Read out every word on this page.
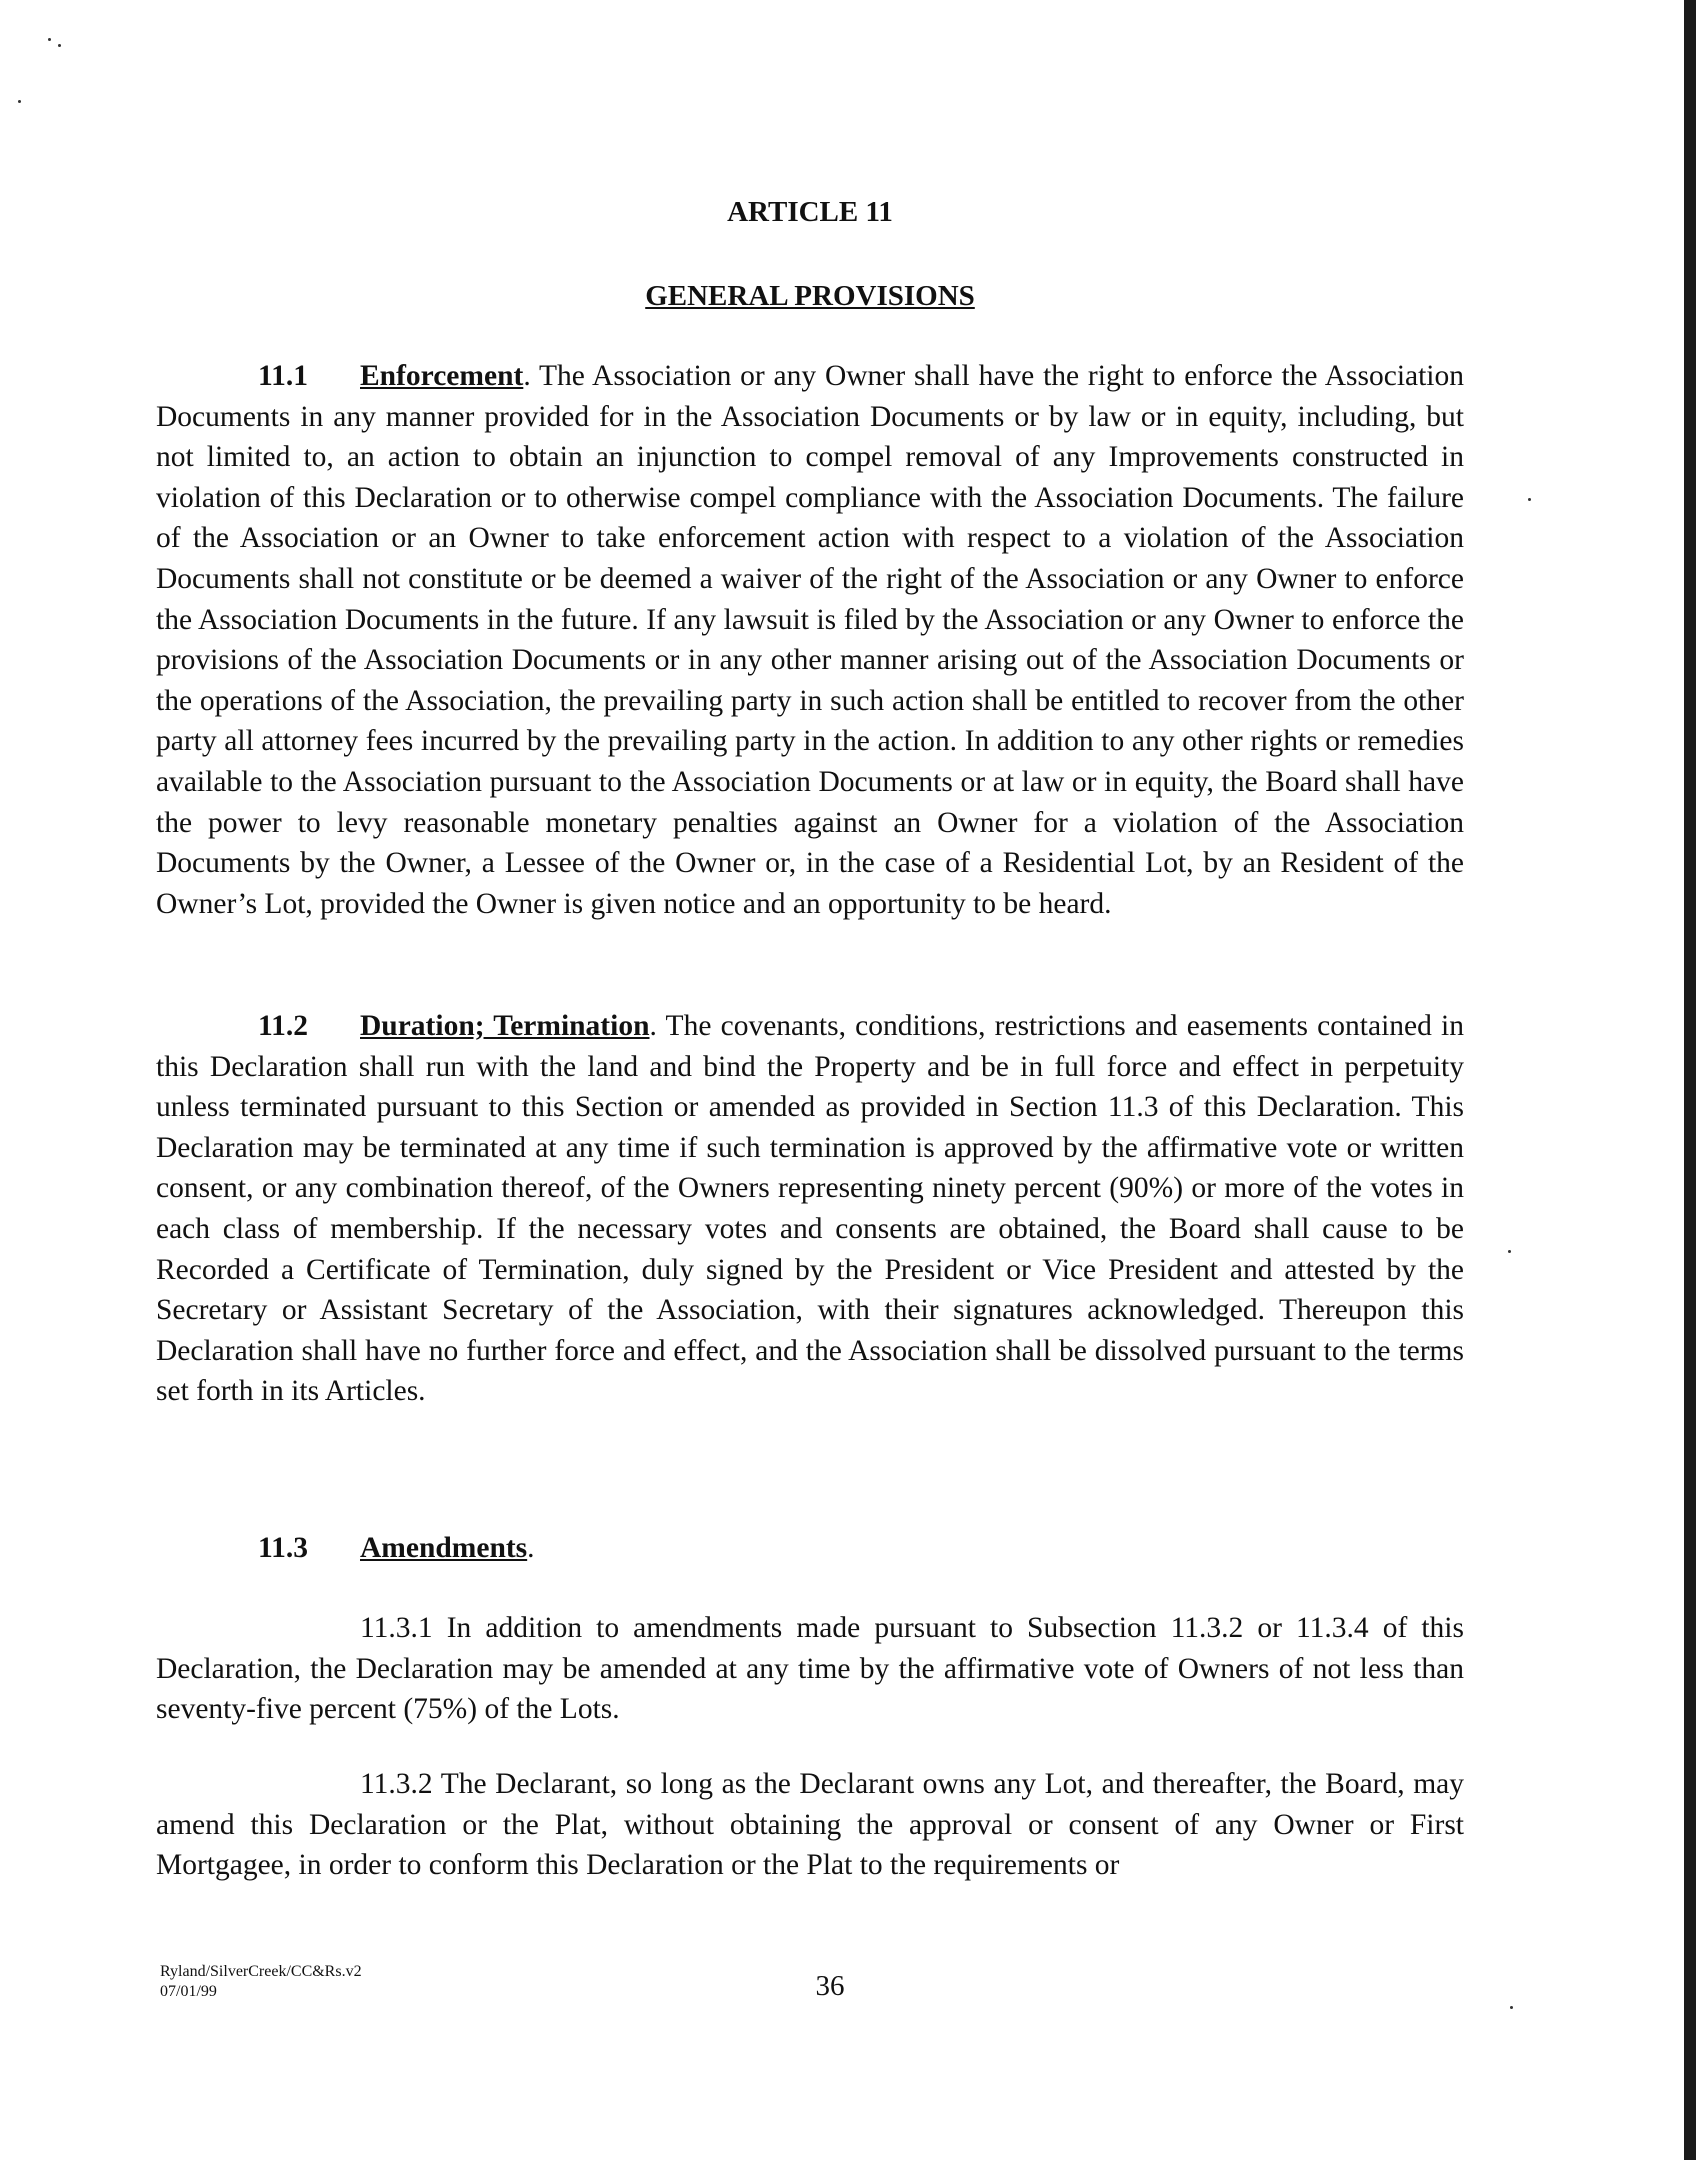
ARTICLE 11
GENERAL PROVISIONS

11.1 Enforcement. The Association or any Owner shall have the right to enforce the Association Documents in any manner provided for in the Association Documents or by law or in equity, including, but not limited to, an action to obtain an injunction to compel removal of any Improvements constructed in violation of this Declaration or to otherwise compel compliance with the Association Documents. The failure of the Association or an Owner to take enforcement action with respect to a violation of the Association Documents shall not constitute or be deemed a waiver of the right of the Association or any Owner to enforce the Association Documents in the future. If any lawsuit is filed by the Association or any Owner to enforce the provisions of the Association Documents or in any other manner arising out of the Association Documents or the operations of the Association, the prevailing party in such action shall be entitled to recover from the other party all attorney fees incurred by the prevailing party in the action. In addition to any other rights or remedies available to the Association pursuant to the Association Documents or at law or in equity, the Board shall have the power to levy reasonable monetary penalties against an Owner for a violation of the Association Documents by the Owner, a Lessee of the Owner or, in the case of a Residential Lot, by an Resident of the Owner’s Lot, provided the Owner is given notice and an opportunity to be heard.

11.2 Duration; Termination. The covenants, conditions, restrictions and easements contained in this Declaration shall run with the land and bind the Property and be in full force and effect in perpetuity unless terminated pursuant to this Section or amended as provided in Section 11.3 of this Declaration. This Declaration may be terminated at any time if such termination is approved by the affirmative vote or written consent, or any combination thereof, of the Owners representing ninety percent (90%) or more of the votes in each class of membership. If the necessary votes and consents are obtained, the Board shall cause to be Recorded a Certificate of Termination, duly signed by the President or Vice President and attested by the Secretary or Assistant Secretary of the Association, with their signatures acknowledged. Thereupon this Declaration shall have no further force and effect, and the Association shall be dissolved pursuant to the terms set forth in its Articles.

11.3 Amendments.

11.3.1 In addition to amendments made pursuant to Subsection 11.3.2 or 11.3.4 of this Declaration, the Declaration may be amended at any time by the affirmative vote of Owners of not less than seventy-five percent (75%) of the Lots.

11.3.2 The Declarant, so long as the Declarant owns any Lot, and thereafter, the Board, may amend this Declaration or the Plat, without obtaining the approval or consent of any Owner or First Mortgagee, in order to conform this Declaration or the Plat to the requirements or

Ryland/SilverCreek/CC&Rs.v2
07/01/99	36
